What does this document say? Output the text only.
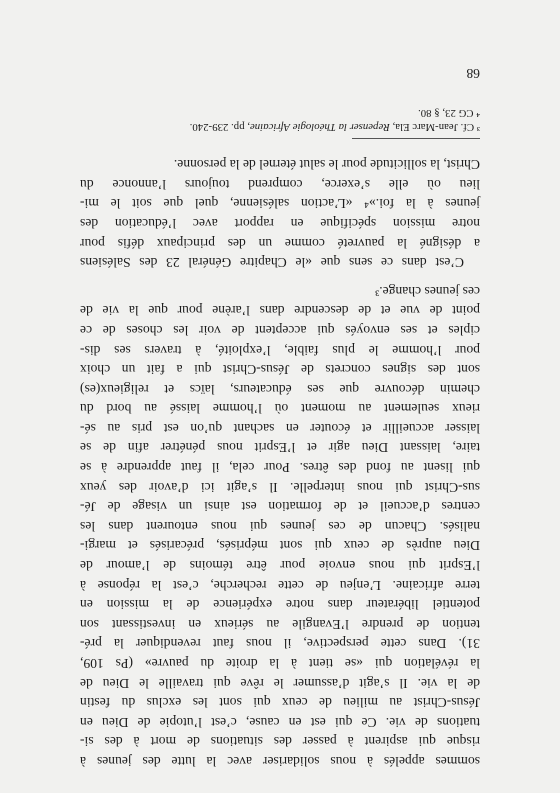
sommes appelés à nous solidariser avec la lutte des jeunes à
risque qui aspirent à passer des situations de mort à des si-
tuations de vie. Ce qui est en cause, c’est l’utopie de Dieu en
Jésus-Christ au milieu de ceux qui sont les exclus du festin
de la vie. Il s’agit d’assumer le rêve qui travaille le Dieu de
la révélation qui «se tient à la droite du pauvre» (Ps 109,
31). Dans cette perspective, il nous faut revendiquer la pré-
tention de prendre l’Evangile au sérieux en investissant son
potentiel libérateur dans notre expérience de la mission en
terre africaine. L’enjeu de cette recherche, c’est la réponse à
l’Esprit qui nous envoie pour être témoins de l’amour de
Dieu auprès de ceux qui sont méprisés, précarisés et margi-
nalisés. Chacun de ces jeunes qui nous entourent dans les
centres d’accueil et de formation est ainsi un visage de Jé-
sus-Christ qui nous interpelle. Il s’agit ici d’avoir des yeux
qui lisent au fond des êtres. Pour cela, il faut apprendre à se
taire, laissant Dieu agir et l’Esprit nous pénétrer afin de se
laisser accueillir et écouter en sachant qu’on est pris au sé-
rieux seulement au moment où l’homme laissé au bord du
chemin découvre que ses éducateurs, laïcs et religieux(es)
sont des signes concrets de Jésus-Christ qui a fait un choix
pour l’homme le plus faible, l’exploité, à travers ses dis-
ciples et ses envoyés qui acceptent de voir les choses de ce
point de vue et de descendre dans l’arène pour que la vie de
ces jeunes change.³

C’est dans ce sens que «le Chapitre Général 23 des Salésiens
a désigné la pauvreté comme un des principaux défis pour
notre mission spécifique en rapport avec l’éducation des
jeunes à la foi.»⁴ «L’action salésienne, quel que soit le mi-
lieu où elle s’exerce, comprend toujours l’annonce du
Christ, la sollicitude pour le salut éternel de la personne.

³ Cf. Jean-Marc Ela, Repenser la Théologie Africaine, pp. 239-240.
⁴ CG 23, § 80.
68
